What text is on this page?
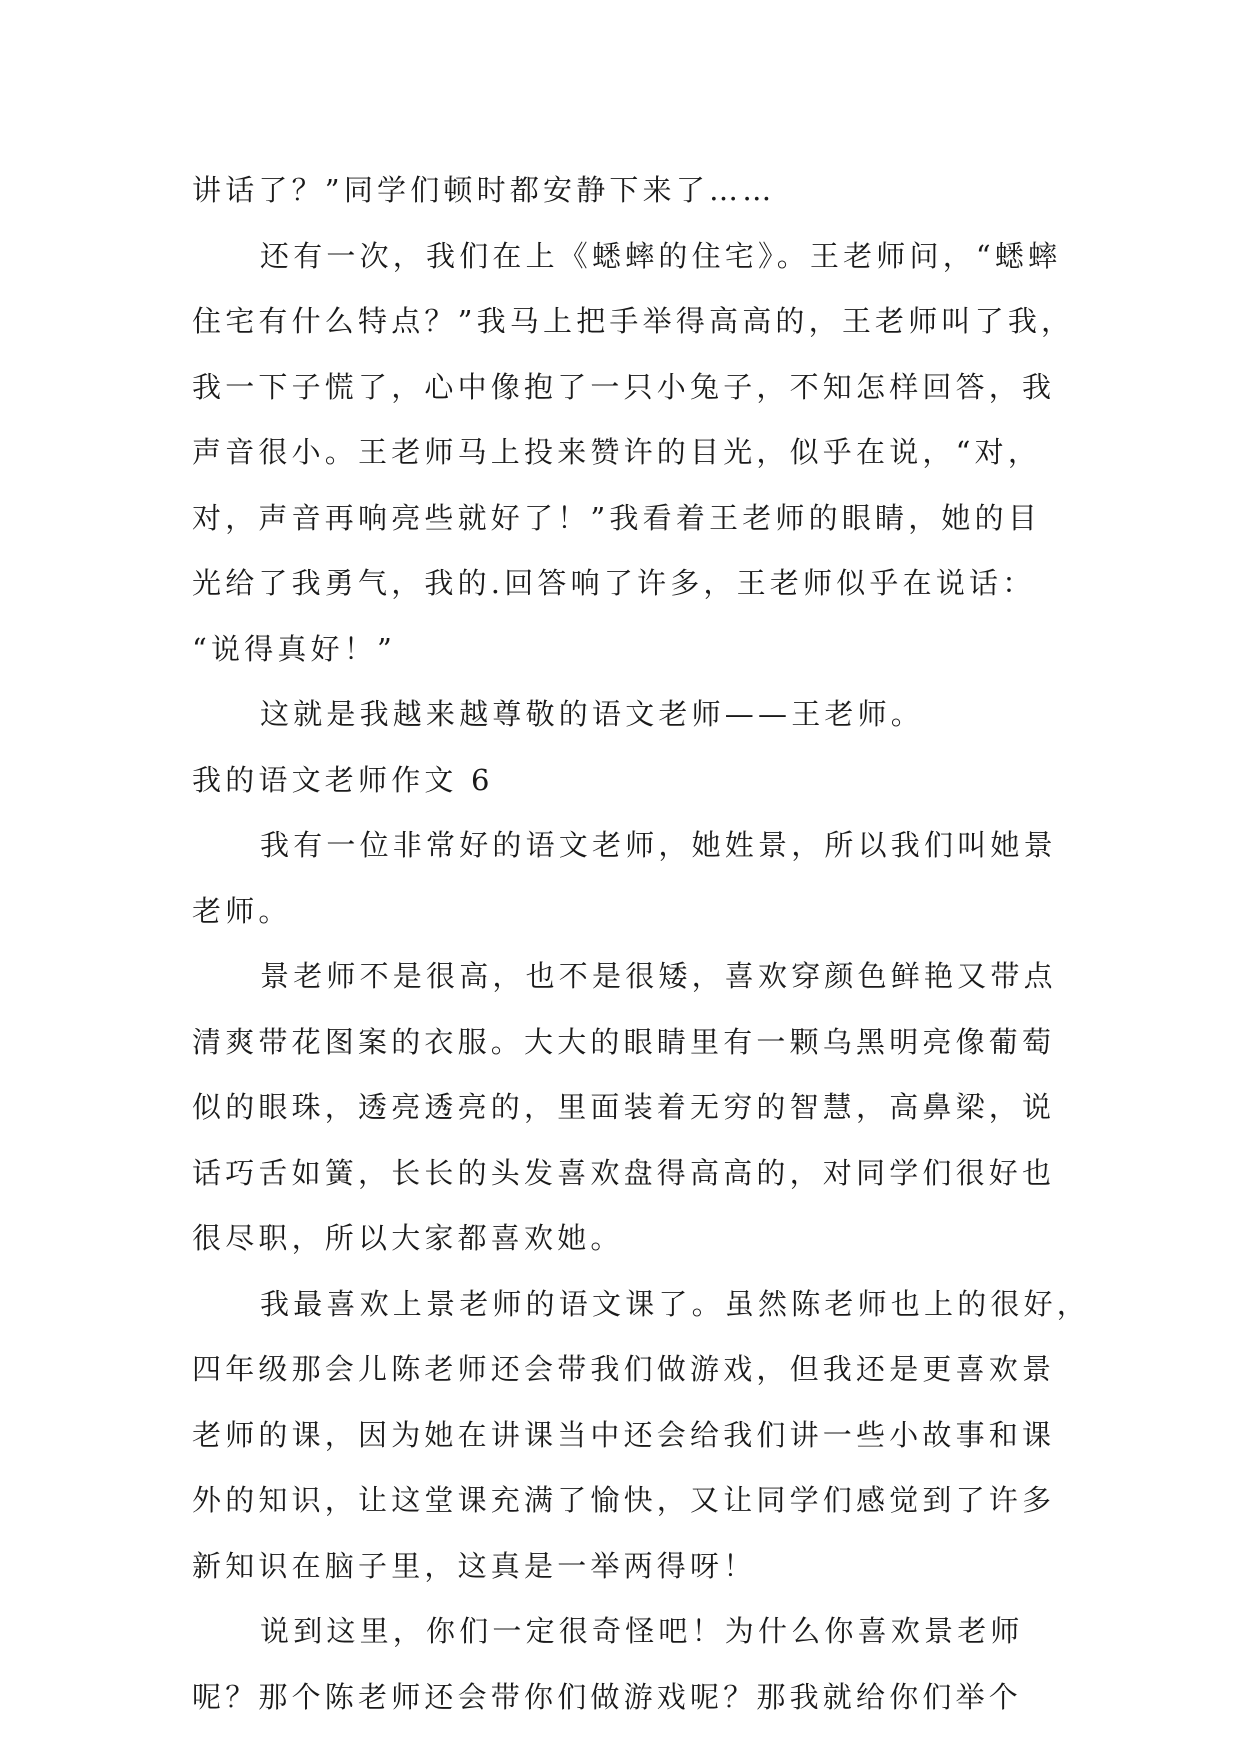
讲话了？”同学们顿时都安静下来了……
还有一次，我们在上《蟋蟀的住宅》。王老师问，“蟋蟀
住宅有什么特点？”我马上把手举得高高的，王老师叫了我，
我一下子慌了，心中像抱了一只小兔子，不知怎样回答，我
声音很小。王老师马上投来赞许的目光，似乎在说，“对，
对，声音再响亮些就好了！”我看着王老师的眼睛，她的目
光给了我勇气，我的.回答响了许多，王老师似乎在说话：
“说得真好！”
这就是我越来越尊敬的语文老师——王老师。
我的语文老师作文 6
我有一位非常好的语文老师，她姓景，所以我们叫她景
老师。
景老师不是很高，也不是很矮，喜欢穿颜色鲜艳又带点
清爽带花图案的衣服。大大的眼睛里有一颗乌黑明亮像葡萄
似的眼珠，透亮透亮的，里面装着无穷的智慧，高鼻梁，说
话巧舌如簧，长长的头发喜欢盘得高高的，对同学们很好也
很尽职，所以大家都喜欢她。
我最喜欢上景老师的语文课了。虽然陈老师也上的很好，
四年级那会儿陈老师还会带我们做游戏，但我还是更喜欢景
老师的课，因为她在讲课当中还会给我们讲一些小故事和课
外的知识，让这堂课充满了愉快，又让同学们感觉到了许多
新知识在脑子里，这真是一举两得呀！
说到这里，你们一定很奇怪吧！为什么你喜欢景老师
呢？那个陈老师还会带你们做游戏呢？那我就给你们举个
